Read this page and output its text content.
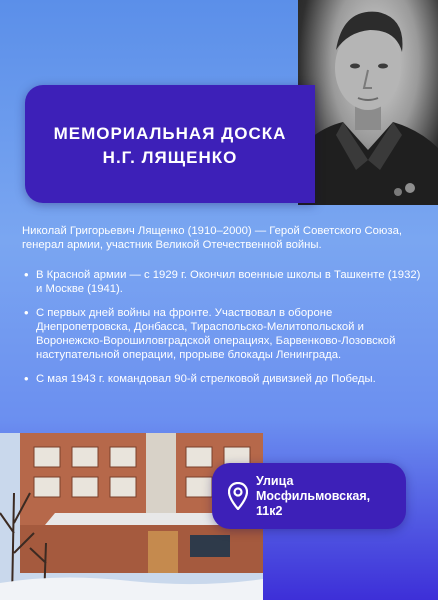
МЕМОРИАЛЬНАЯ ДОСКА
Н.Г. ЛЯЩЕНКО
Николай Григорьевич Лященко (1910–2000) — Герой Советского Союза, генерал армии, участник Великой Отечественной войны.
• В Красной армии — с 1929 г. Окончил военные школы в Ташкенте (1932) и Москве (1941).
• С первых дней войны на фронте. Участвовал в обороне Днепропетровска, Донбасса, Тираспольско-Мелитопольской и Воронежско-Ворошиловградской операциях, Барвенково-Лозовской наступательной операции, прорыве блокады Ленинграда.
• С мая 1943 г. командовал 90-й стрелковой дивизией до Победы.
Улица
Мосфильмовская,
11к2
